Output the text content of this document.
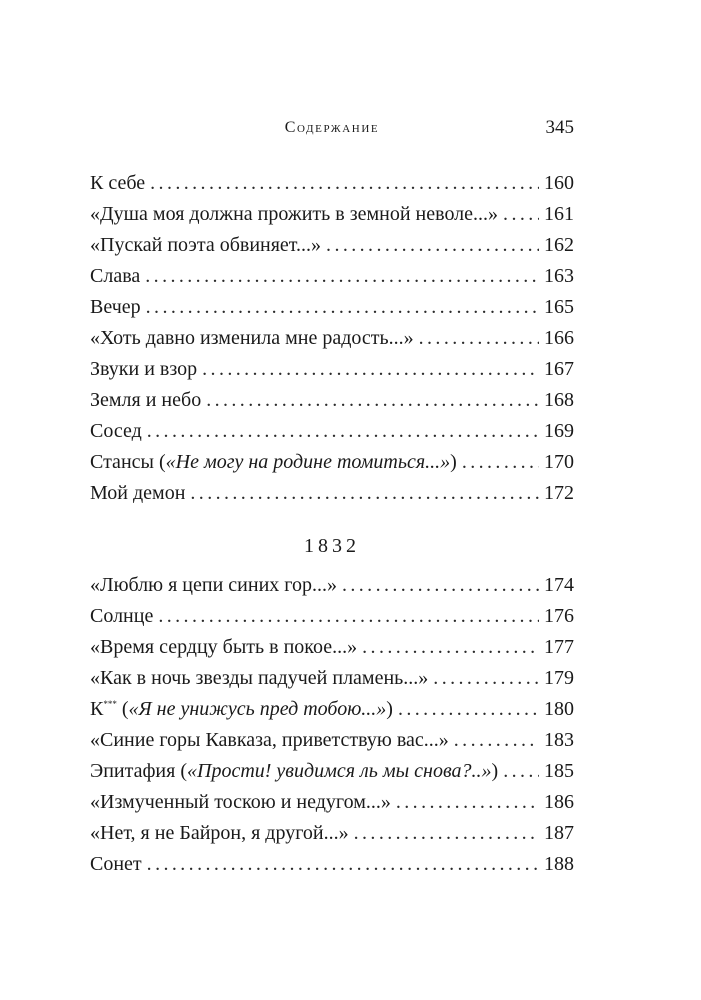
Содержание	345
К себе . . .	160
«Душа моя должна прожить в земной неволе...» . . . 161
«Пускай поэта обвиняет...» . . .	162
Слава . . .	163
Вечер . . .	165
«Хоть давно изменила мне радость...» . . .	166
Звуки и взор . . .	167
Земля и небо . . .	168
Сосед . . .	169
Стансы («Не могу на родине томиться...») . . .	170
Мой демон . . .	172
1832
«Люблю я цепи синих гор...» . . .	174
Солнце . . .	176
«Время сердцу быть в покое...» . . .	177
«Как в ночь звезды падучей пламень...» . . .	179
К*** («Я не унижусь пред тобою...») . . .	180
«Синие горы Кавказа, приветствую вас...» . . .	183
Эпитафия («Прости! увидимся ль мы снова?..») . . . 185
«Измученный тоскою и недугом...» . . .	186
«Нет, я не Байрон, я другой...» . . .	187
Сонет . . .	188
